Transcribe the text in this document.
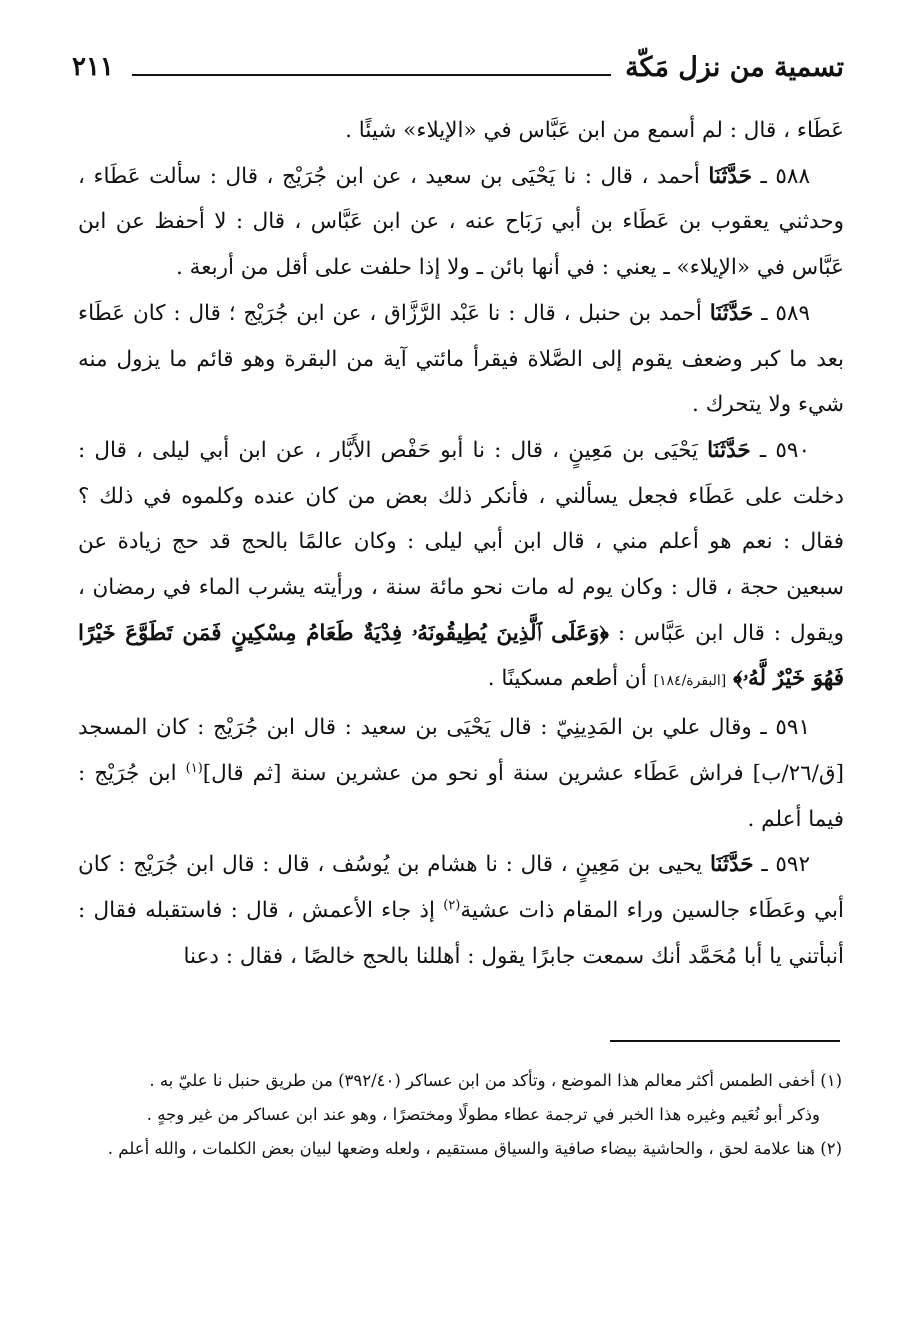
تسمية من نزل مَكّة
٢١١

عَطَاء ، قال : لم أسمع من ابن عَبَّاس في «الإيلاء» شيئًا .

٥٨٨ ـ حَدَّثَنَا أحمد ، قال : نا يَحْيَى بن سعيد ، عن ابن جُرَيْج ، قال : سألت عَطَاء ، وحدثني يعقوب بن عَطَاء بن أبي رَبَاح عنه ، عن ابن عَبَّاس ، قال : لا أحفظ عن ابن عَبَّاس في «الإيلاء» ـ يعني : في أنها بائن ـ ولا إذا حلفت على أقل من أربعة .

٥٨٩ ـ حَدَّثَنَا أحمد بن حنبل ، قال : نا عَبْد الرَّزَّاق ، عن ابن جُرَيْج ؛ قال : كان عَطَاء بعد ما كبر وضعف يقوم إلى الصَّلاة فيقرأ مائتي آية من البقرة وهو قائم ما يزول منه شيء ولا يتحرك .

٥٩٠ ـ حَدَّثَنَا يَحْيَى بن مَعِينٍ ، قال : نا أبو حَفْص الأَبَّار ، عن ابن أبي ليلى ، قال : دخلت على عَطَاء فجعل يسألني ، فأنكر ذلك بعض من كان عنده وكلموه في ذلك ؟ فقال : نعم هو أعلم مني ، قال ابن أبي ليلى : وكان عالمًا بالحج قد حج زيادة عن سبعين حجة ، قال : وكان يوم له مات نحو مائة سنة ، ورأيته يشرب الماء في رمضان ، ويقول : قال ابن عَبَّاس : ﴿وَعَلَى ٱلَّذِينَ يُطِيقُونَهُۥ فِدْيَةٌ طَعَامُ مِسْكِينٍ فَمَن تَطَوَّعَ خَيْرًا فَهُوَ خَيْرٌ لَّهُۥ﴾ [البقرة/١٨٤] أن أطعم مسكينًا .

٥٩١ ـ وقال علي بن المَدِينِيّ : قال يَحْيَى بن سعيد : قال ابن جُرَيْج : كان المسجد [ق/٢٦/ب] فراش عَطَاء عشرين سنة أو نحو من عشرين سنة [ثم قال]$^{(١)}$ ابن جُرَيْج : فيما أعلم .

٥٩٢ ـ حَدَّثَنَا يحيى بن مَعِينٍ ، قال : نا هشام بن يُوسُف ، قال : قال ابن جُرَيْج : كان أبي وعَطَاء جالسين وراء المقام ذات عشية$^{(٢)}$ إذ جاء الأعمش ، قال : فاستقبله فقال : أنبأتني يا أبا مُحَمَّد أنك سمعت جابرًا يقول : أهللنا بالحج خالصًا ، فقال : دعنا

(١) أخفى الطمس أكثر معالم هذا الموضع ، وتأكد من ابن عساكر (٣٩٢/٤٠) من طريق حنبل نا عليّ به .

وذكر أبو نُعَيم وغيره هذا الخبر في ترجمة عطاء مطولًا ومختصرًا ، وهو عند ابن عساكر من غير وجهٍ .

(٢) هنا علامة لحق ، والحاشية بيضاء صافية والسياق مستقيم ، ولعله وضعها لبيان بعض الكلمات ، والله أعلم .
